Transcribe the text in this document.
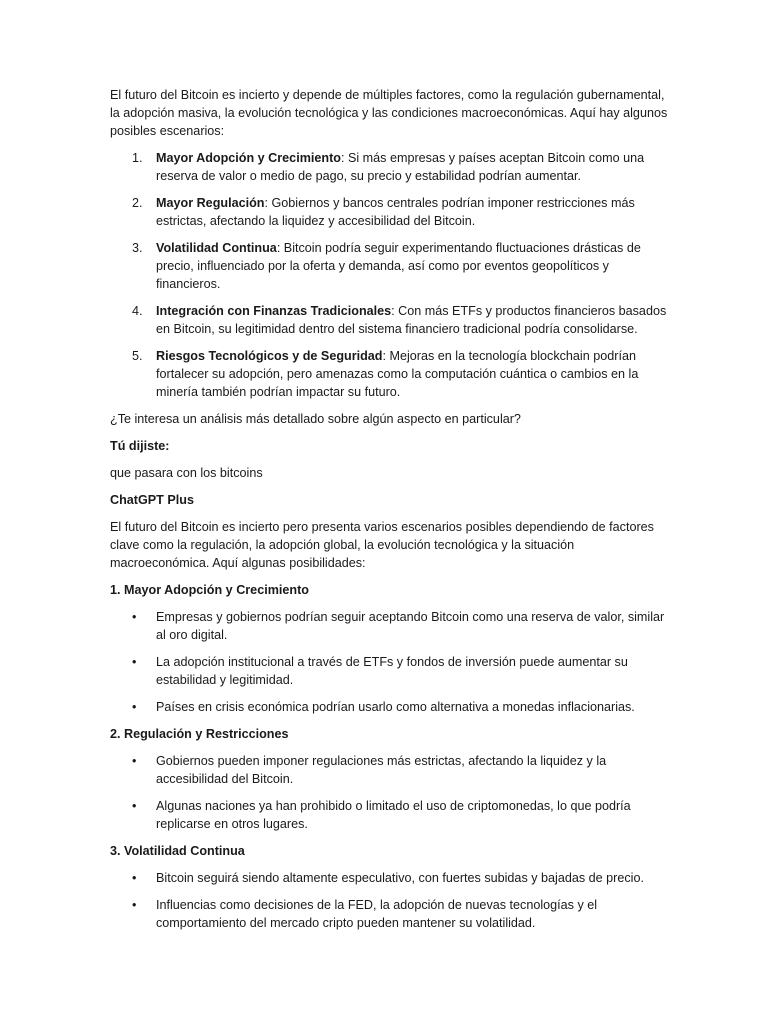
El futuro del Bitcoin es incierto y depende de múltiples factores, como la regulación gubernamental, la adopción masiva, la evolución tecnológica y las condiciones macroeconómicas. Aquí hay algunos posibles escenarios:

1. Mayor Adopción y Crecimiento: Si más empresas y países aceptan Bitcoin como una reserva de valor o medio de pago, su precio y estabilidad podrían aumentar.
2. Mayor Regulación: Gobiernos y bancos centrales podrían imponer restricciones más estrictas, afectando la liquidez y accesibilidad del Bitcoin.
3. Volatilidad Continua: Bitcoin podría seguir experimentando fluctuaciones drásticas de precio, influenciado por la oferta y demanda, así como por eventos geopolíticos y financieros.
4. Integración con Finanzas Tradicionales: Con más ETFs y productos financieros basados en Bitcoin, su legitimidad dentro del sistema financiero tradicional podría consolidarse.
5. Riesgos Tecnológicos y de Seguridad: Mejoras en la tecnología blockchain podrían fortalecer su adopción, pero amenazas como la computación cuántica o cambios en la minería también podrían impactar su futuro.

¿Te interesa un análisis más detallado sobre algún aspecto en particular?

Tú dijiste:

que pasara con los bitcoins

ChatGPT Plus

El futuro del Bitcoin es incierto pero presenta varios escenarios posibles dependiendo de factores clave como la regulación, la adopción global, la evolución tecnológica y la situación macroeconómica. Aquí algunas posibilidades:

1. Mayor Adopción y Crecimiento
• Empresas y gobiernos podrían seguir aceptando Bitcoin como una reserva de valor, similar al oro digital.
• La adopción institucional a través de ETFs y fondos de inversión puede aumentar su estabilidad y legitimidad.
• Países en crisis económica podrían usarlo como alternativa a monedas inflacionarias.
2. Regulación y Restricciones
• Gobiernos pueden imponer regulaciones más estrictas, afectando la liquidez y la accesibilidad del Bitcoin.
• Algunas naciones ya han prohibido o limitado el uso de criptomonedas, lo que podría replicarse en otros lugares.
3. Volatilidad Continua
• Bitcoin seguirá siendo altamente especulativo, con fuertes subidas y bajadas de precio.
• Influencias como decisiones de la FED, la adopción de nuevas tecnologías y el comportamiento del mercado cripto pueden mantener su volatilidad.
